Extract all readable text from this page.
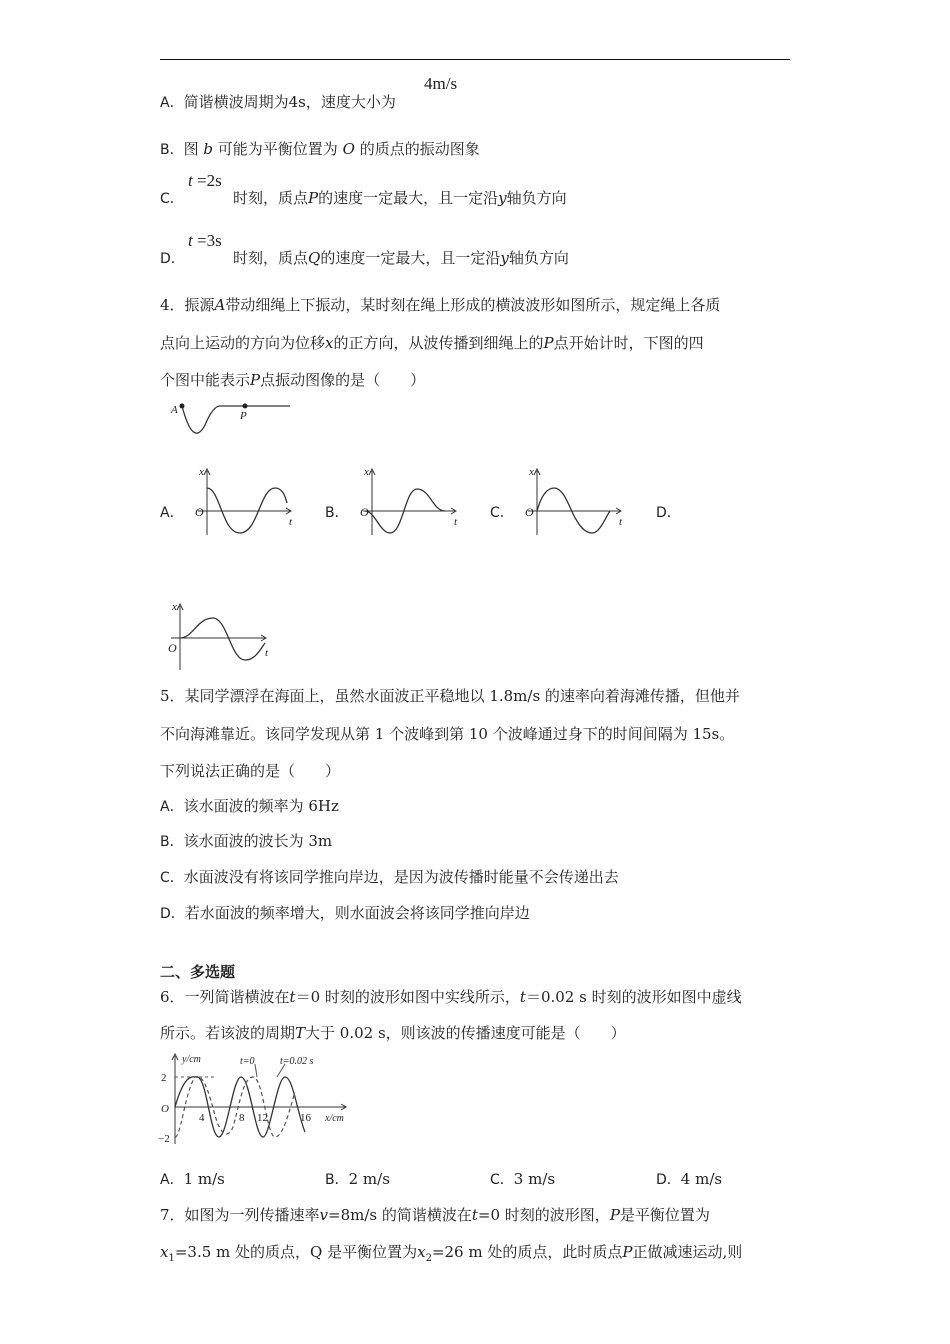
A．简谐横波周期为4s，速度大小为
4m/s
B．图 b 可能为平衡位置为 O 的质点的振动图象
C．
t =2s
时刻，质点P的速度一定最大，且一定沿y轴负方向
D．
t =3s
时刻，质点Q的速度一定最大，且一定沿y轴负方向
4．振源A带动细绳上下振动，某时刻在绳上形成的横波波形如图所示，规定绳上各质
点向上运动的方向为位移x的正方向，从波传播到细绳上的P点开始计时，下图的四
个图中能表示P点振动图像的是（　　）
A	P
A．
x
t
O	B．
x
t
O	C．
x
t
O	D．
x
t
O
5．某同学漂浮在海面上，虽然水面波正平稳地以 1.8m/s 的速率向着海滩传播，但他并
不向海滩靠近。该同学发现从第 1 个波峰到第 10 个波峰通过身下的时间间隔为 15s。
下列说法正确的是（　　）
A．该水面波的频率为 6Hz
B．该水面波的波长为 3m
C．水面波没有将该同学推向岸边，是因为波传播时能量不会传递出去
D．若水面波的频率增大，则水面波会将该同学推向岸边
二、多选题
6．一列简谐横波在t＝0 时刻的波形如图中实线所示，t＝0.02 s 时刻的波形如图中虚线
所示。若该波的周期T大于 0.02 s，则该波的传播速度可能是（　　）
y/cm	t=0	t=0.02 s
2
O
−2
4	8 12	16 x/cm
A．1 m/s	B．2 m/s	C．3 m/s	D．4 m/s
7．如图为一列传播速率v=8m/s 的简谐横波在t=0 时刻的波形图，P是平衡位置为
$x_1=3.5$ m 处的质点，Q 是平衡位置为$x_2=26$ m 处的质点，此时质点P正做减速运动,则
